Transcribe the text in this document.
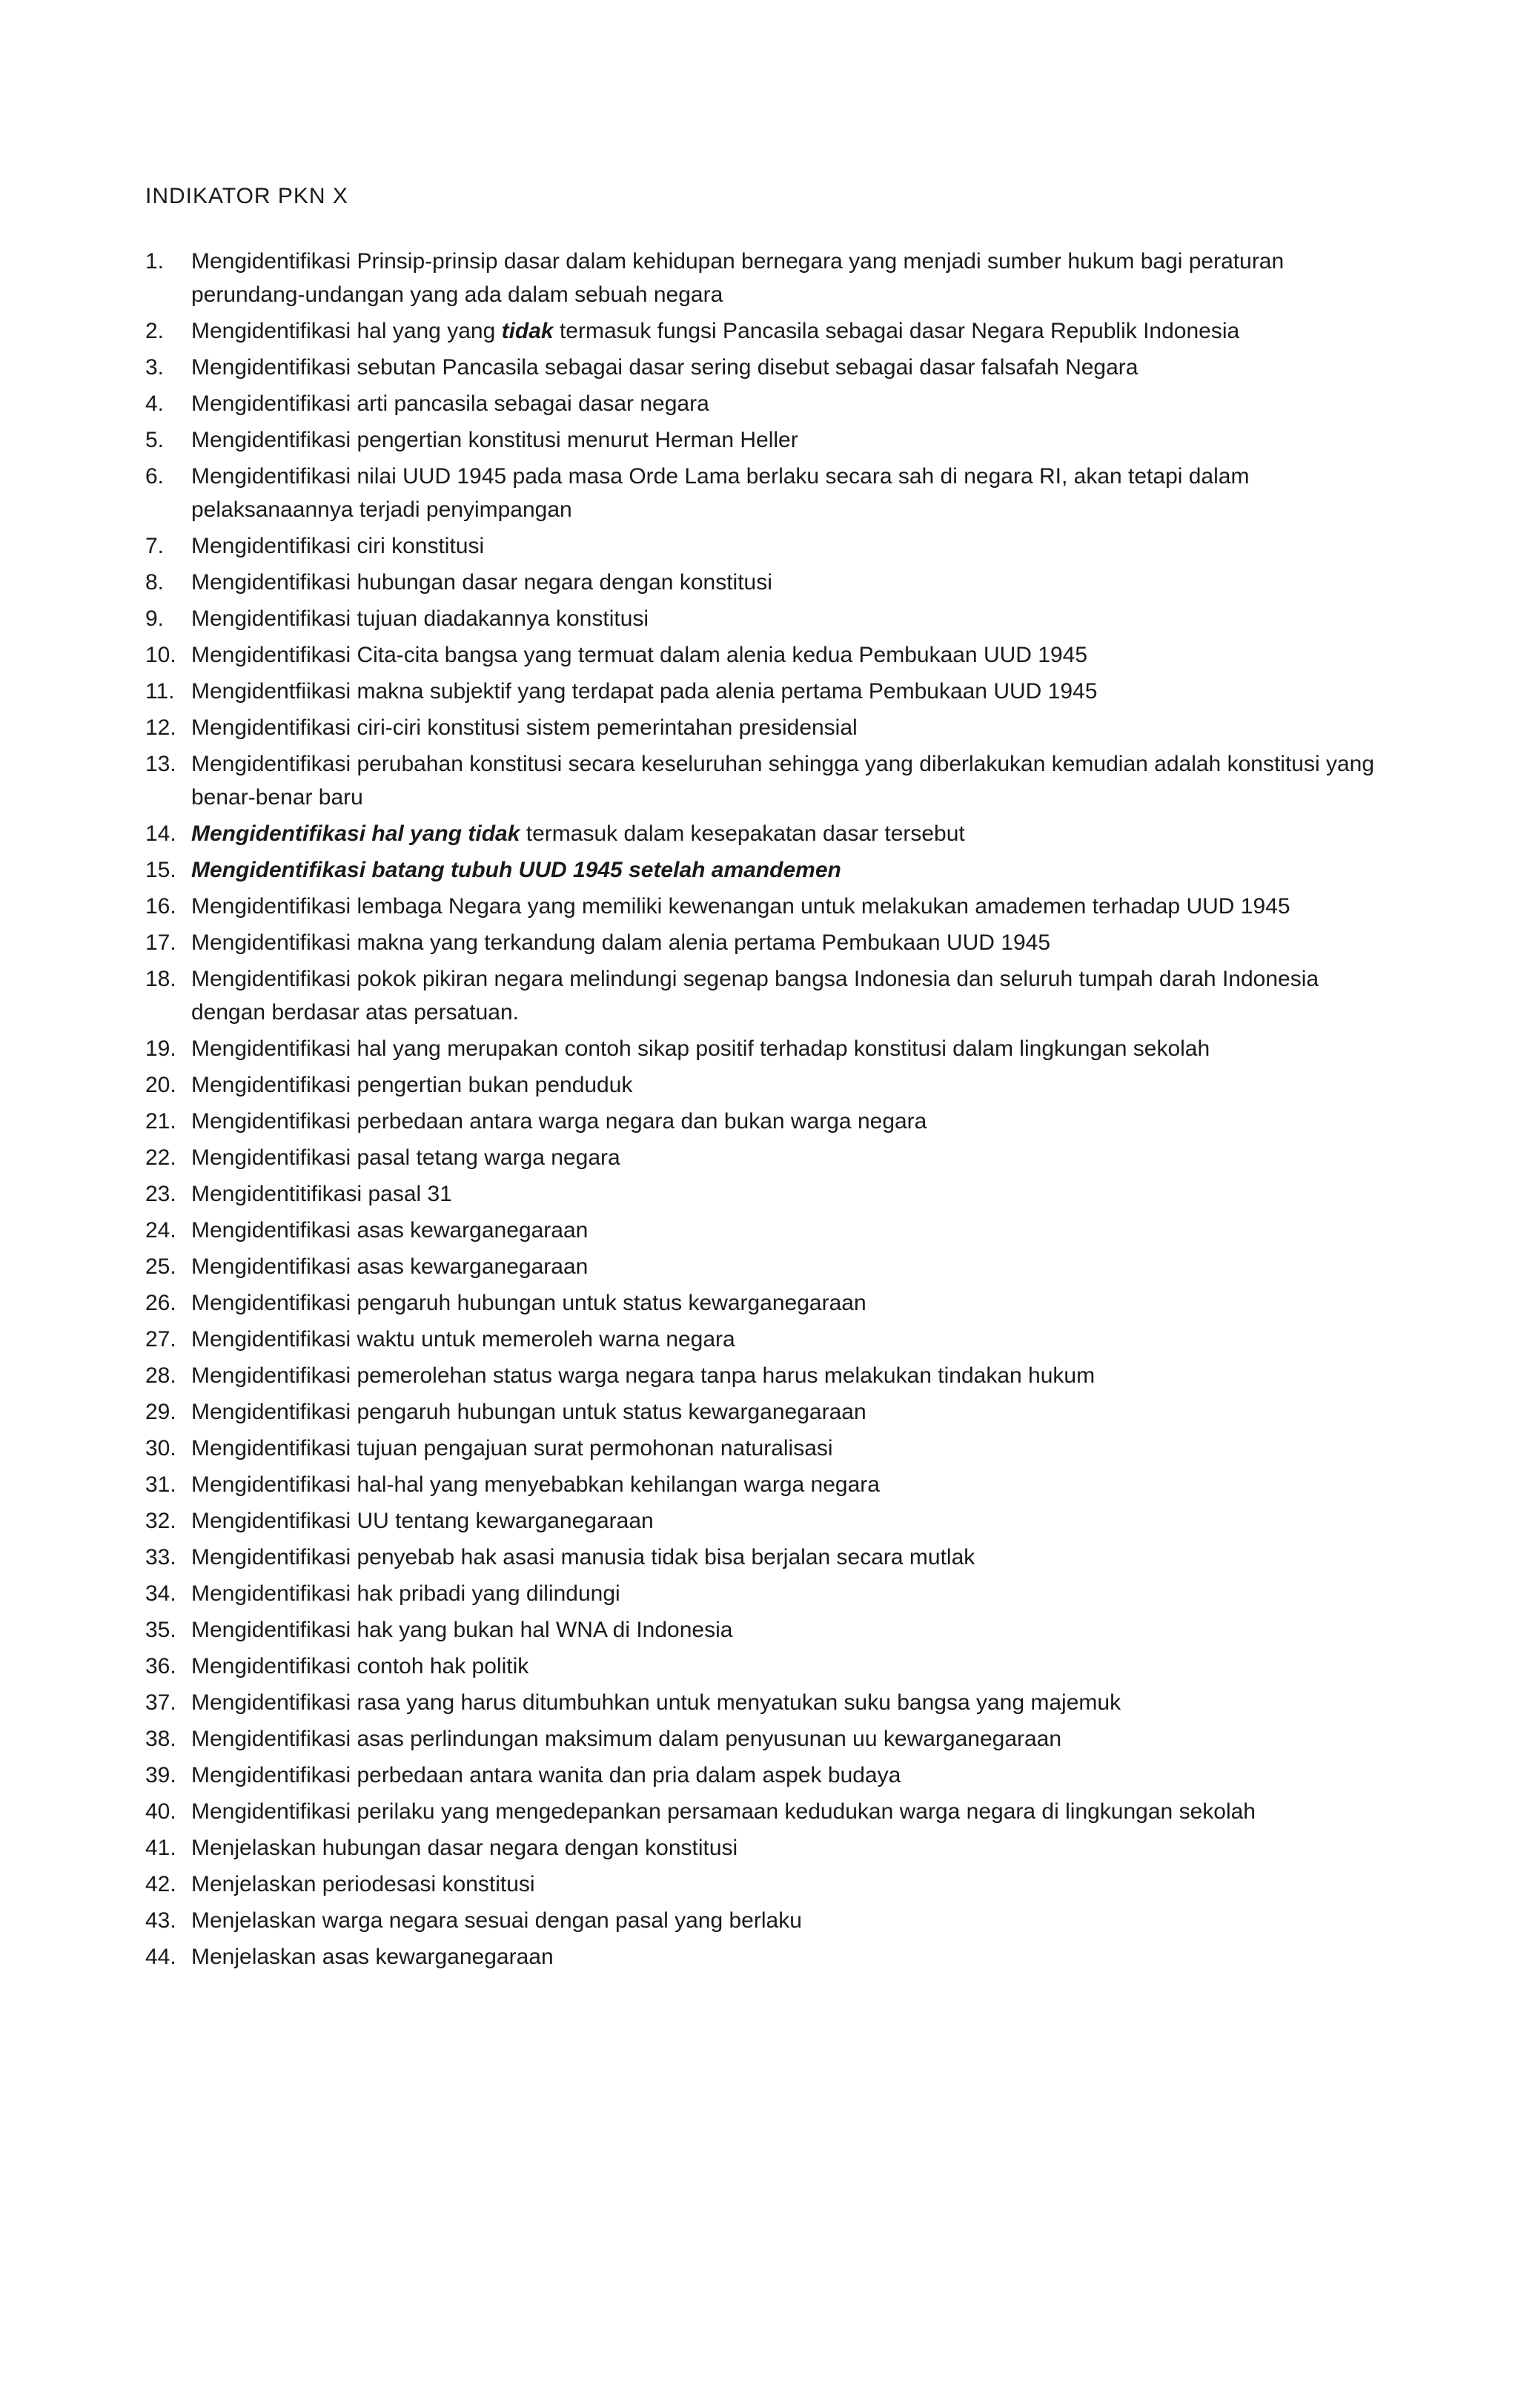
INDIKATOR PKN X
1.	Mengidentifikasi Prinsip-prinsip dasar dalam kehidupan bernegara yang menjadi sumber hukum bagi peraturan perundang-undangan yang ada dalam sebuah negara
2.	Mengidentifikasi hal yang yang tidak termasuk fungsi Pancasila sebagai dasar Negara Republik Indonesia
3.	Mengidentifikasi sebutan Pancasila sebagai dasar sering disebut sebagai dasar falsafah Negara
4.	Mengidentifikasi arti pancasila sebagai dasar negara
5.	Mengidentifikasi pengertian konstitusi menurut Herman Heller
6.	Mengidentifikasi nilai UUD 1945 pada masa Orde Lama berlaku secara sah di negara RI, akan tetapi dalam pelaksanaannya terjadi penyimpangan
7.	Mengidentifikasi ciri konstitusi
8.	Mengidentifikasi hubungan dasar negara dengan konstitusi
9.	Mengidentifikasi tujuan diadakannya konstitusi
10. Mengidentifikasi Cita-cita bangsa yang termuat dalam alenia kedua Pembukaan UUD 1945
11. Mengidentfiikasi makna subjektif yang terdapat pada alenia pertama Pembukaan UUD 1945
12. Mengidentifikasi ciri-ciri konstitusi sistem pemerintahan presidensial
13. Mengidentifikasi perubahan konstitusi secara keseluruhan sehingga yang diberlakukan kemudian adalah konstitusi yang benar-benar baru
14. Mengidentifikasi hal yang tidak termasuk dalam kesepakatan dasar tersebut
15. Mengidentifikasi batang tubuh UUD 1945 setelah amandemen
16. Mengidentifikasi lembaga Negara yang memiliki kewenangan untuk melakukan amademen terhadap UUD 1945
17. Mengidentifikasi makna yang terkandung dalam alenia pertama Pembukaan UUD 1945
18. Mengidentifikasi pokok pikiran negara melindungi segenap bangsa Indonesia dan seluruh tumpah darah Indonesia dengan berdasar atas persatuan.
19. Mengidentifikasi hal yang merupakan contoh sikap positif terhadap konstitusi dalam lingkungan sekolah
20. Mengidentifikasi pengertian bukan penduduk
21. Mengidentifikasi perbedaan antara warga negara dan bukan warga negara
22. Mengidentifikasi pasal tetang warga negara
23. Mengidentitifikasi pasal 31
24. Mengidentifikasi asas kewarganegaraan
25. Mengidentifikasi asas kewarganegaraan
26. Mengidentifikasi pengaruh hubungan untuk status kewarganegaraan
27. Mengidentifikasi waktu untuk memeroleh warna negara
28. Mengidentifikasi pemerolehan status warga negara tanpa harus melakukan tindakan hukum
29. Mengidentifikasi pengaruh hubungan untuk status kewarganegaraan
30. Mengidentifikasi tujuan pengajuan surat permohonan naturalisasi
31. Mengidentifikasi hal-hal yang menyebabkan kehilangan warga negara
32. Mengidentifikasi UU tentang kewarganegaraan
33. Mengidentifikasi penyebab hak asasi manusia tidak bisa berjalan secara mutlak
34. Mengidentifikasi hak pribadi yang dilindungi
35. Mengidentifikasi hak yang bukan hal WNA di Indonesia
36. Mengidentifikasi contoh hak politik
37. Mengidentifikasi rasa yang harus ditumbuhkan untuk menyatukan suku bangsa yang majemuk
38. Mengidentifikasi asas perlindungan maksimum dalam penyusunan uu kewarganegaraan
39. Mengidentifikasi perbedaan antara wanita dan pria dalam aspek budaya
40. Mengidentifikasi perilaku yang mengedepankan persamaan kedudukan warga negara di lingkungan sekolah
41. Menjelaskan hubungan dasar negara dengan konstitusi
42. Menjelaskan periodesasi konstitusi
43. Menjelaskan warga negara sesuai dengan pasal yang berlaku
44. Menjelaskan asas kewarganegaraan
